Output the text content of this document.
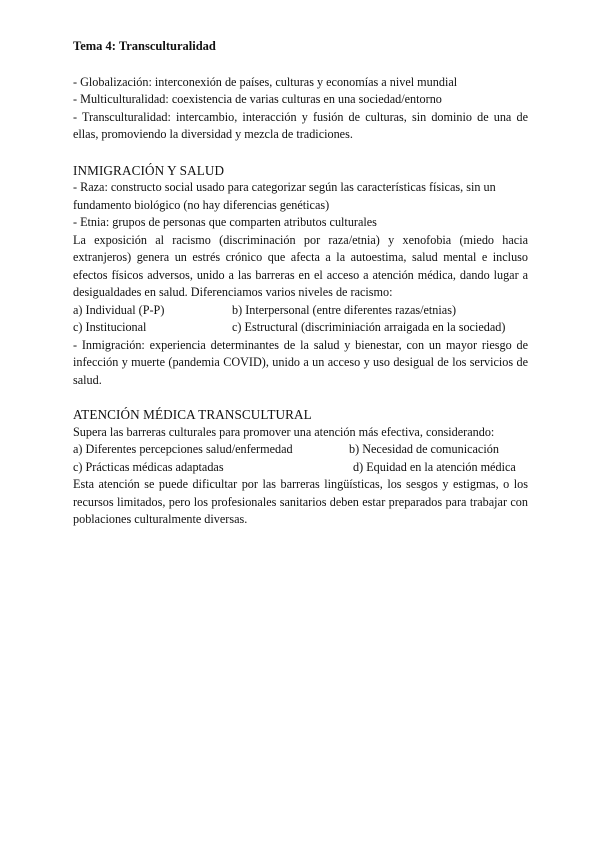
Tema 4: Transculturalidad

- Globalización: interconexión de países, culturas y economías a nivel mundial

- Multiculturalidad: coexistencia de varias culturas en una sociedad/entorno

- Transculturalidad: intercambio, interacción y fusión de culturas, sin dominio de una de ellas, promoviendo la diversidad y mezcla de tradiciones.

INMIGRACIÓN Y SALUD

- Raza: constructo social usado para categorizar según las características físicas, sin un fundamento biológico (no hay diferencias genéticas)

- Etnia: grupos de personas que comparten atributos culturales

La exposición al racismo (discriminación por raza/etnia) y xenofobia (miedo hacia extranjeros) genera un estrés crónico que afecta a la autoestima, salud mental e incluso efectos físicos adversos, unido a las barreras en el acceso a atención médica, dando lugar a desigualdades en salud. Diferenciamos varios niveles de racismo:

a) Individual (P-P)	b) Interpersonal (entre diferentes razas/etnias)
c) Institucional	c) Estructural (discriminiación arraigada en la sociedad)

- Inmigración: experiencia determinantes de la salud y bienestar, con un mayor riesgo de infección y muerte (pandemia COVID), unido a un acceso y uso desigual de los servicios de salud.

ATENCIÓN MÉDICA TRANSCULTURAL

Supera las barreras culturales para promover una atención más efectiva, considerando:

a) Diferentes percepciones salud/enfermedad	b) Necesidad de comunicación
c) Prácticas médicas adaptadas	d) Equidad en la atención médica

Esta atención se puede dificultar por las barreras lingüísticas, los sesgos y estigmas, o los recursos limitados, pero los profesionales sanitarios deben estar preparados para trabajar con poblaciones culturalmente diversas.
